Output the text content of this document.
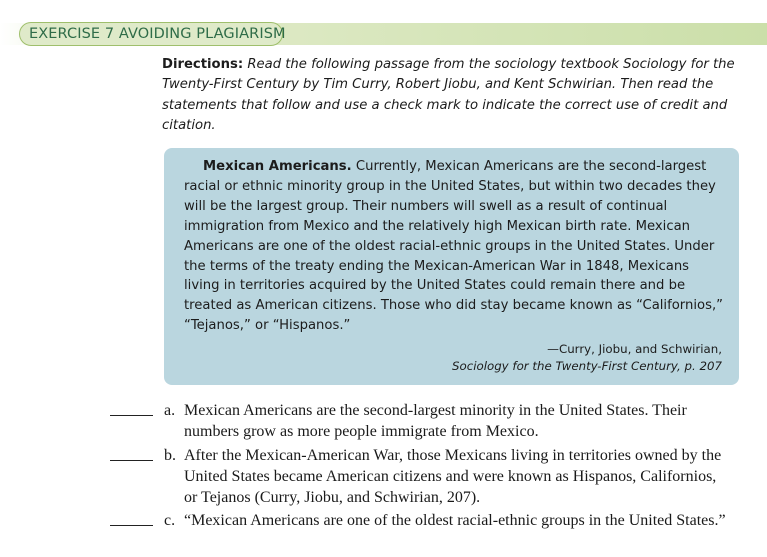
EXERCISE 7 AVOIDING PLAGIARISM
Directions: Read the following passage from the sociology textbook Sociology for the Twenty-First Century by Tim Curry, Robert Jiobu, and Kent Schwirian. Then read the statements that follow and use a check mark to indicate the correct use of credit and citation.
Mexican Americans. Currently, Mexican Americans are the second-largest racial or ethnic minority group in the United States, but within two decades they will be the largest group. Their numbers will swell as a result of continual immigration from Mexico and the relatively high Mexican birth rate. Mexican Americans are one of the oldest racial-ethnic groups in the United States. Under the terms of the treaty ending the Mexican-American War in 1848, Mexicans living in territories acquired by the United States could remain there and be treated as American citizens. Those who did stay became known as “Californios,” “Tejanos,” or “Hispanos.”
—Curry, Jiobu, and Schwirian,
Sociology for the Twenty-First Century, p. 207
a. Mexican Americans are the second-largest minority in the United States. Their numbers grow as more people immigrate from Mexico.
b. After the Mexican-American War, those Mexicans living in territories owned by the United States became American citizens and were known as Hispanos, Californios, or Tejanos (Curry, Jiobu, and Schwirian, 207).
c. “Mexican Americans are one of the oldest racial-ethnic groups in the United States.”
